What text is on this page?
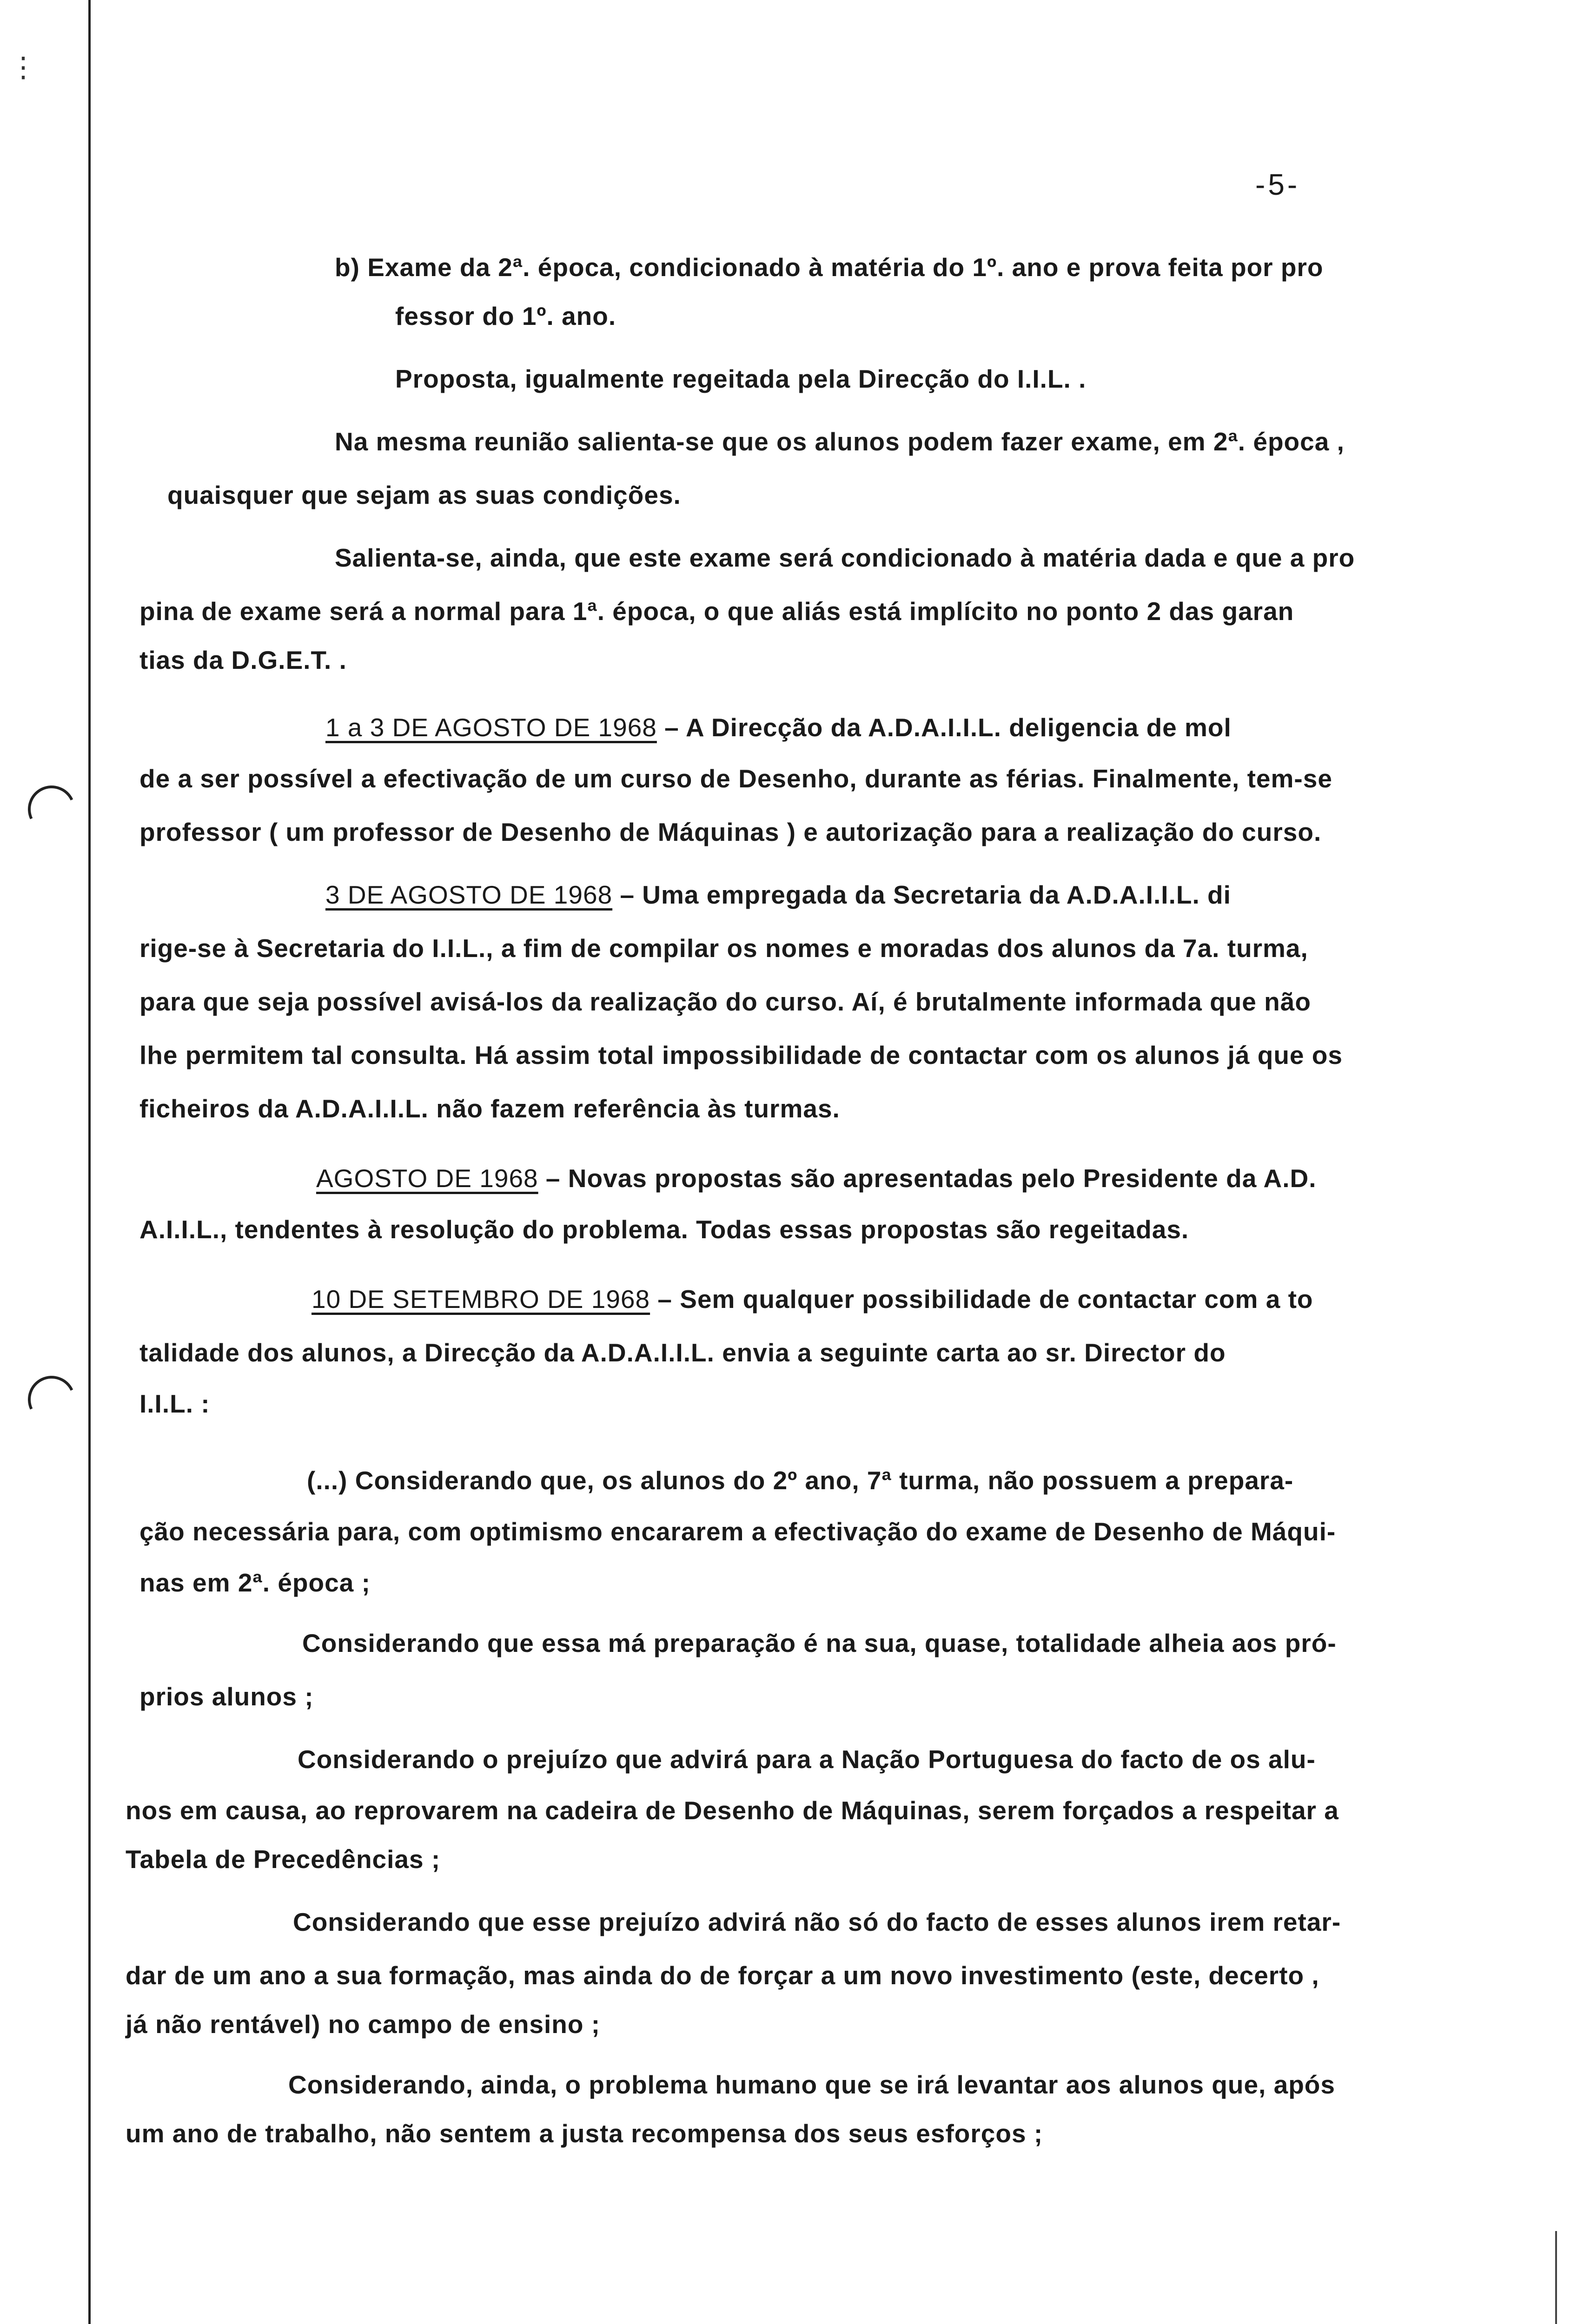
⋮
-5-
b) Exame da 2ª. época, condicionado à matéria do 1º. ano e prova feita por pro
fessor do 1º. ano.
Proposta, igualmente regeitada pela Direcção do I.I.L. .
Na mesma reunião salienta-se que os alunos podem fazer exame, em 2ª. época ,
quaisquer que sejam as suas condições.
Salienta-se, ainda, que este exame será condicionado à matéria dada e que a pro
pina de exame será a normal para 1ª. época, o que aliás está implícito no ponto 2 das garan
tias da D.G.E.T. .
1 a 3 DE AGOSTO DE 1968 – A Direcção da A.D.A.I.I.L. deligencia de mol
de a ser possível a efectivação de um curso de Desenho, durante as férias. Finalmente, tem-se
professor ( um professor de Desenho de Máquinas ) e autorização para a realização do curso.
3 DE AGOSTO DE 1968 – Uma empregada da Secretaria da A.D.A.I.I.L. di
rige-se à Secretaria do I.I.L., a fim de compilar os nomes e moradas dos alunos da 7a. turma,
para que seja possível avisá-los da realização do curso. Aí, é brutalmente informada que não
lhe permitem tal consulta. Há assim total impossibilidade de contactar com os alunos já que os
ficheiros da A.D.A.I.I.L. não fazem referência às turmas.
AGOSTO DE 1968 – Novas propostas são apresentadas pelo Presidente da A.D.
A.I.I.L., tendentes à resolução do problema. Todas essas propostas são regeitadas.
10 DE SETEMBRO DE 1968 – Sem qualquer possibilidade de contactar com a to
talidade dos alunos, a Direcção da A.D.A.I.I.L. envia a seguinte carta ao sr. Director do
I.I.L. :
(...) Considerando que, os alunos do 2º ano, 7ª turma, não possuem a prepara-
ção necessária para, com optimismo encararem a efectivação do exame de Desenho de Máqui-
nas em 2ª. época ;
Considerando que essa má preparação é na sua, quase, totalidade alheia aos pró-
prios alunos ;
Considerando o prejuízo que advirá para a Nação Portuguesa do facto de os alu-
nos em causa, ao reprovarem na cadeira de Desenho de Máquinas, serem forçados a respeitar a
Tabela de Precedências ;
Considerando que esse prejuízo advirá não só do facto de esses alunos irem retar-
dar de um ano a sua formação, mas ainda do de forçar a um novo investimento (este, decerto ,
já não rentável) no campo de ensino ;
Considerando, ainda, o problema humano que se irá levantar aos alunos que, após
um ano de trabalho, não sentem a justa recompensa dos seus esforços ;
